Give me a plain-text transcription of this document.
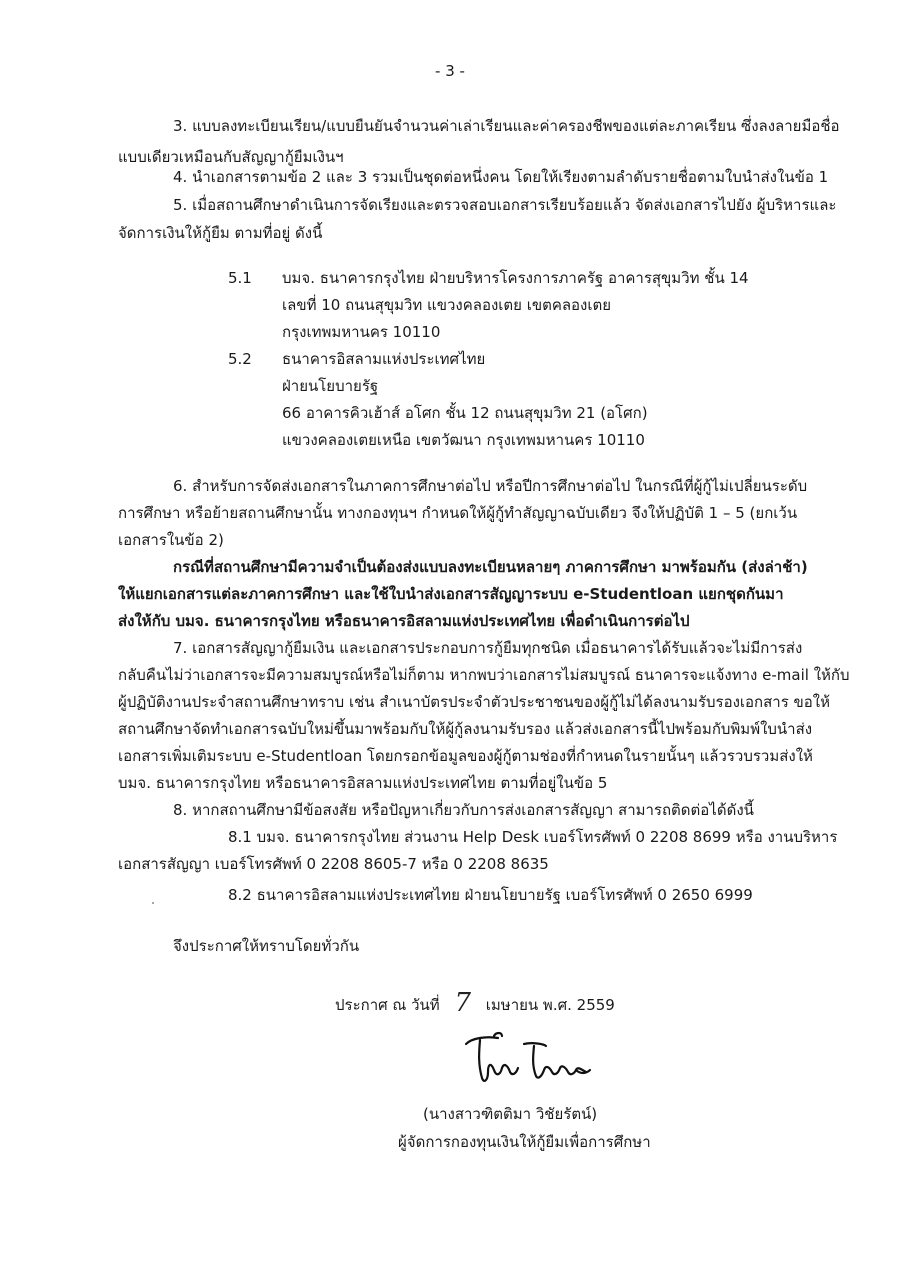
- 3 -
3. แบบลงทะเบียนเรียน/แบบยืนยันจำนวนค่าเล่าเรียนและค่าครองชีพของแต่ละภาคเรียน ซึ่งลงลายมือชื่อ
แบบเดียวเหมือนกับสัญญากู้ยืมเงินฯ
4. นำเอกสารตามข้อ 2 และ 3 รวมเป็นชุดต่อหนึ่งคน โดยให้เรียงตามลำดับรายชื่อตามใบนำส่งในข้อ 1
5. เมื่อสถานศึกษาดำเนินการจัดเรียงและตรวจสอบเอกสารเรียบร้อยแล้ว จัดส่งเอกสารไปยัง ผู้บริหารและ
จัดการเงินให้กู้ยืม ตามที่อยู่ ดังนี้
5.1 บมจ. ธนาคารกรุงไทย ฝ่ายบริหารโครงการภาครัฐ อาคารสุขุมวิท ชั้น 14
เลขที่ 10 ถนนสุขุมวิท แขวงคลองเตย เขตคลองเตย
กรุงเทพมหานคร 10110
5.2 ธนาคารอิสลามแห่งประเทศไทย
ฝ่ายนโยบายรัฐ
66 อาคารคิวเฮ้าส์ อโศก ชั้น 12 ถนนสุขุมวิท 21 (อโศก)
แขวงคลองเตยเหนือ เขตวัฒนา กรุงเทพมหานคร 10110
6. สำหรับการจัดส่งเอกสารในภาคการศึกษาต่อไป หรือปีการศึกษาต่อไป ในกรณีที่ผู้กู้ไม่เปลี่ยนระดับ
การศึกษา หรือย้ายสถานศึกษานั้น ทางกองทุนฯ กำหนดให้ผู้กู้ทำสัญญาฉบับเดียว จึงให้ปฏิบัติ 1 – 5 (ยกเว้น
เอกสารในข้อ 2)
กรณีที่สถานศึกษามีความจำเป็นต้องส่งแบบลงทะเบียนหลายๆ ภาคการศึกษา มาพร้อมกัน (ส่งล่าช้า)
ให้แยกเอกสารแต่ละภาคการศึกษา และใช้ใบนำส่งเอกสารสัญญาระบบ e-Studentloan แยกชุดกันมา
ส่งให้กับ บมจ. ธนาคารกรุงไทย หรือธนาคารอิสลามแห่งประเทศไทย เพื่อดำเนินการต่อไป
7. เอกสารสัญญากู้ยืมเงิน และเอกสารประกอบการกู้ยืมทุกชนิด เมื่อธนาคารได้รับแล้วจะไม่มีการส่ง
กลับคืนไม่ว่าเอกสารจะมีความสมบูรณ์หรือไม่ก็ตาม หากพบว่าเอกสารไม่สมบูรณ์ ธนาคารจะแจ้งทาง e-mail ให้กับ
ผู้ปฏิบัติงานประจำสถานศึกษาทราบ เช่น สำเนาบัตรประจำตัวประชาชนของผู้กู้ไม่ได้ลงนามรับรองเอกสาร ขอให้
สถานศึกษาจัดทำเอกสารฉบับใหม่ขึ้นมาพร้อมกับให้ผู้กู้ลงนามรับรอง แล้วส่งเอกสารนี้ไปพร้อมกับพิมพ์ใบนำส่ง
เอกสารเพิ่มเติมระบบ e-Studentloan โดยกรอกข้อมูลของผู้กู้ตามช่องที่กำหนดในรายนั้นๆ แล้วรวบรวมส่งให้
บมจ. ธนาคารกรุงไทย หรือธนาคารอิสลามแห่งประเทศไทย ตามที่อยู่ในข้อ 5
8. หากสถานศึกษามีข้อสงสัย หรือปัญหาเกี่ยวกับการส่งเอกสารสัญญา สามารถติดต่อได้ดังนี้
8.1 บมจ. ธนาคารกรุงไทย ส่วนงาน Help Desk เบอร์โทรศัพท์ 0 2208 8699 หรือ งานบริหาร
เอกสารสัญญา เบอร์โทรศัพท์ 0 2208 8605-7 หรือ 0 2208 8635
8.2 ธนาคารอิสลามแห่งประเทศไทย ฝ่ายนโยบายรัฐ เบอร์โทรศัพท์ 0 2650 6999
จึงประกาศให้ทราบโดยทั่วกัน
ประกาศ ณ วันที่ 7 เมษายน พ.ศ. 2559
(นางสาวฑิตติมา วิชัยรัตน์)
ผู้จัดการกองทุนเงินให้กู้ยืมเพื่อการศึกษา
